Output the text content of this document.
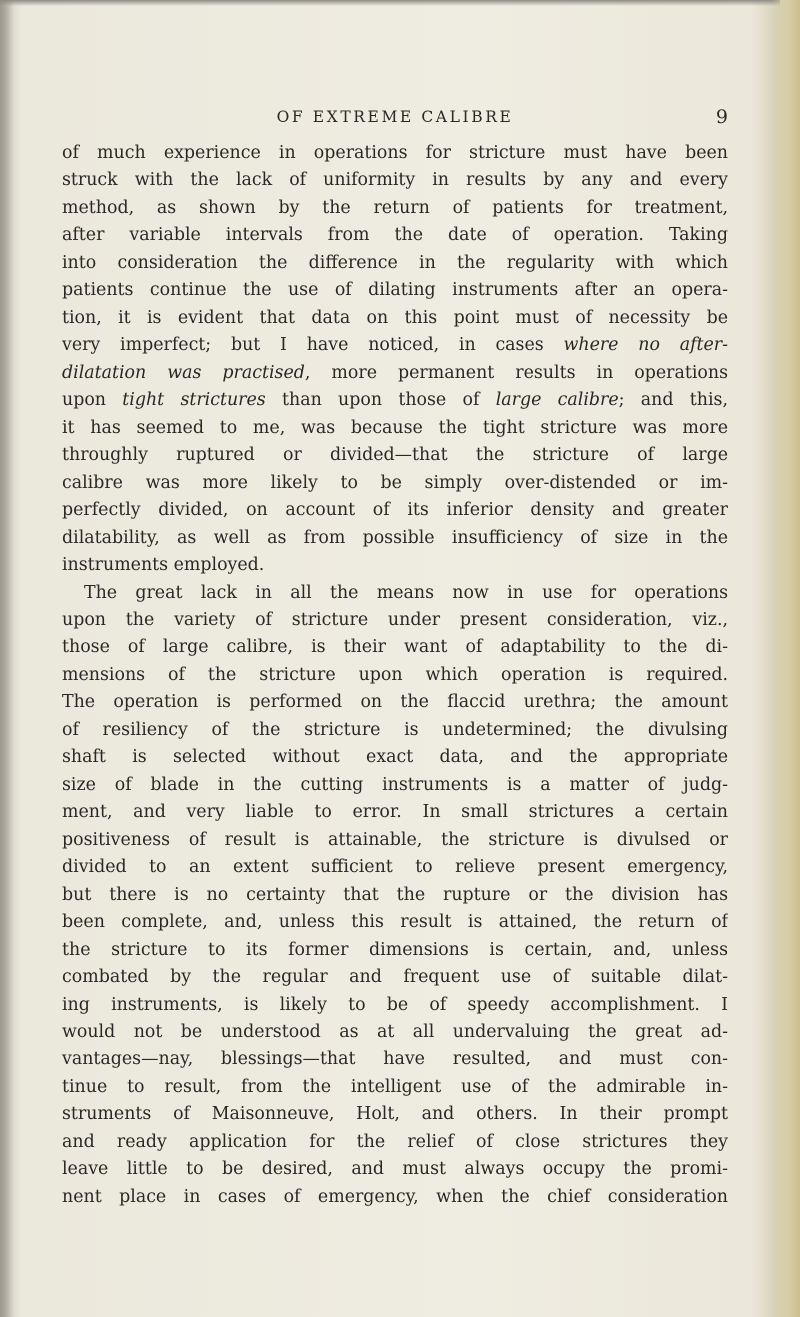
OF EXTREME CALIBRE	9
of much experience in operations for stricture must have been
struck with the lack of uniformity in results by any and every
method, as shown by the return of patients for treatment,
after variable intervals from the date of operation. Taking
into consideration the difference in the regularity with which
patients continue the use of dilating instruments after an opera-
tion, it is evident that data on this point must of necessity be
very imperfect; but I have noticed, in cases where no after-
dilatation was practised, more permanent results in operations
upon tight strictures than upon those of large calibre; and this,
it has seemed to me, was because the tight stricture was more
throughly ruptured or divided—that the stricture of large
calibre was more likely to be simply over-distended or im-
perfectly divided, on account of its inferior density and greater
dilatability, as well as from possible insufficiency of size in the
instruments employed.
The great lack in all the means now in use for operations
upon the variety of stricture under present consideration, viz.,
those of large calibre, is their want of adaptability to the di-
mensions of the stricture upon which operation is required.
The operation is performed on the flaccid urethra; the amount
of resiliency of the stricture is undetermined; the divulsing
shaft is selected without exact data, and the appropriate
size of blade in the cutting instruments is a matter of judg-
ment, and very liable to error. In small strictures a certain
positiveness of result is attainable, the stricture is divulsed or
divided to an extent sufficient to relieve present emergency,
but there is no certainty that the rupture or the division has
been complete, and, unless this result is attained, the return of
the stricture to its former dimensions is certain, and, unless
combated by the regular and frequent use of suitable dilat-
ing instruments, is likely to be of speedy accomplishment. I
would not be understood as at all undervaluing the great ad-
vantages—nay, blessings—that have resulted, and must con-
tinue to result, from the intelligent use of the admirable in-
struments of Maisonneuve, Holt, and others. In their prompt
and ready application for the relief of close strictures they
leave little to be desired, and must always occupy the promi-
nent place in cases of emergency, when the chief consideration
